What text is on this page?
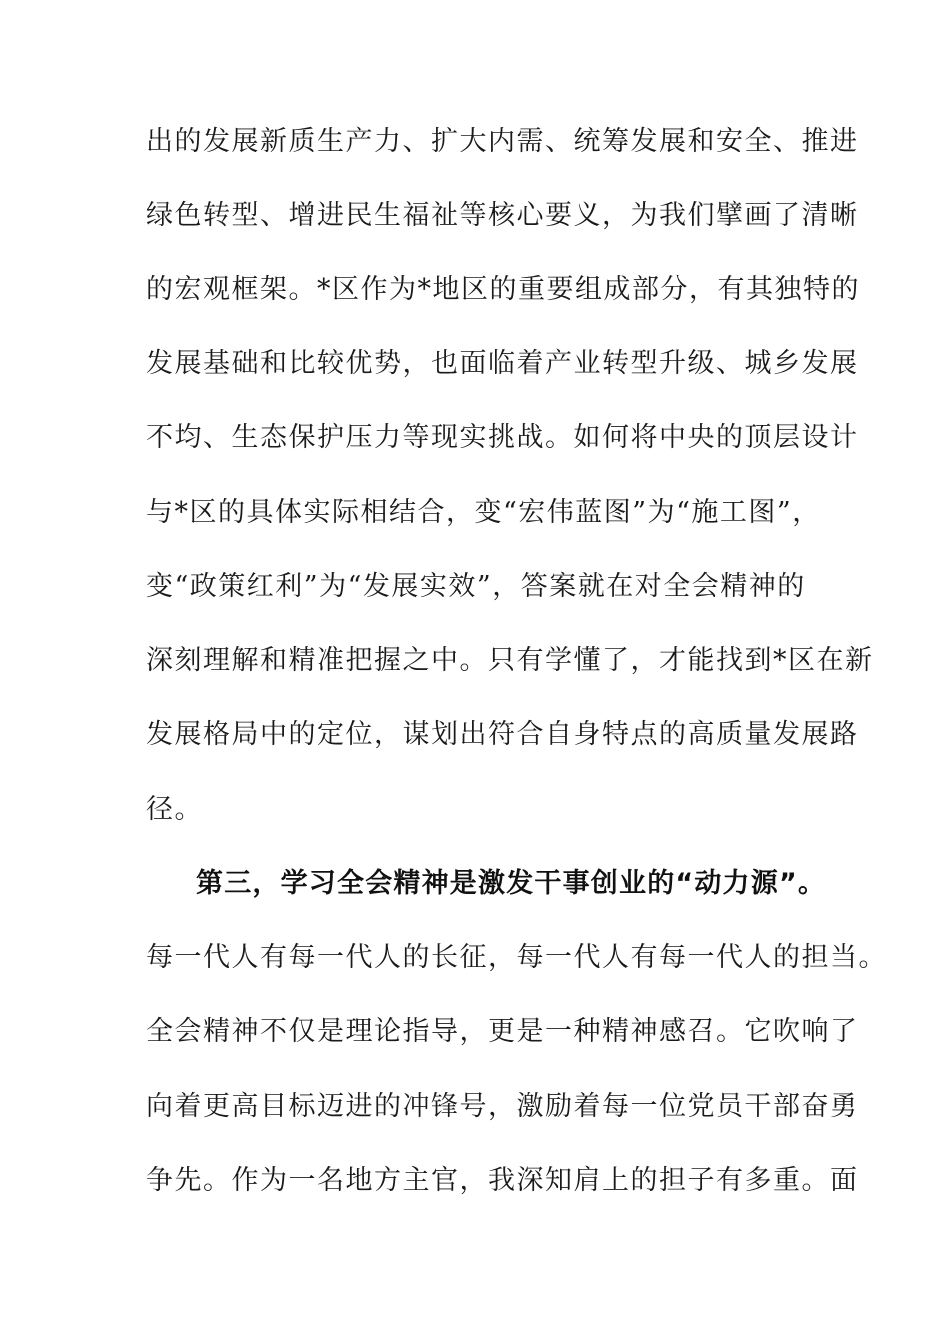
出的发展新质生产力、扩大内需、统筹发展和安全、推进

绿色转型、增进民生福祉等核心要义，为我们擘画了清晰

的宏观框架。*区作为*地区的重要组成部分，有其独特的

发展基础和比较优势，也面临着产业转型升级、城乡发展

不均、生态保护压力等现实挑战。如何将中央的顶层设计

与*区的具体实际相结合，变“宏伟蓝图”为“施工图”，

变“政策红利”为“发展实效”，答案就在对全会精神的

深刻理解和精准把握之中。只有学懂了，才能找到*区在新

发展格局中的定位，谋划出符合自身特点的高质量发展路

径。

第三，学习全会精神是激发干事创业的“动力源”。

每一代人有每一代人的长征，每一代人有每一代人的担当。

全会精神不仅是理论指导，更是一种精神感召。它吹响了

向着更高目标迈进的冲锋号，激励着每一位党员干部奋勇

争先。作为一名地方主官，我深知肩上的担子有多重。面
